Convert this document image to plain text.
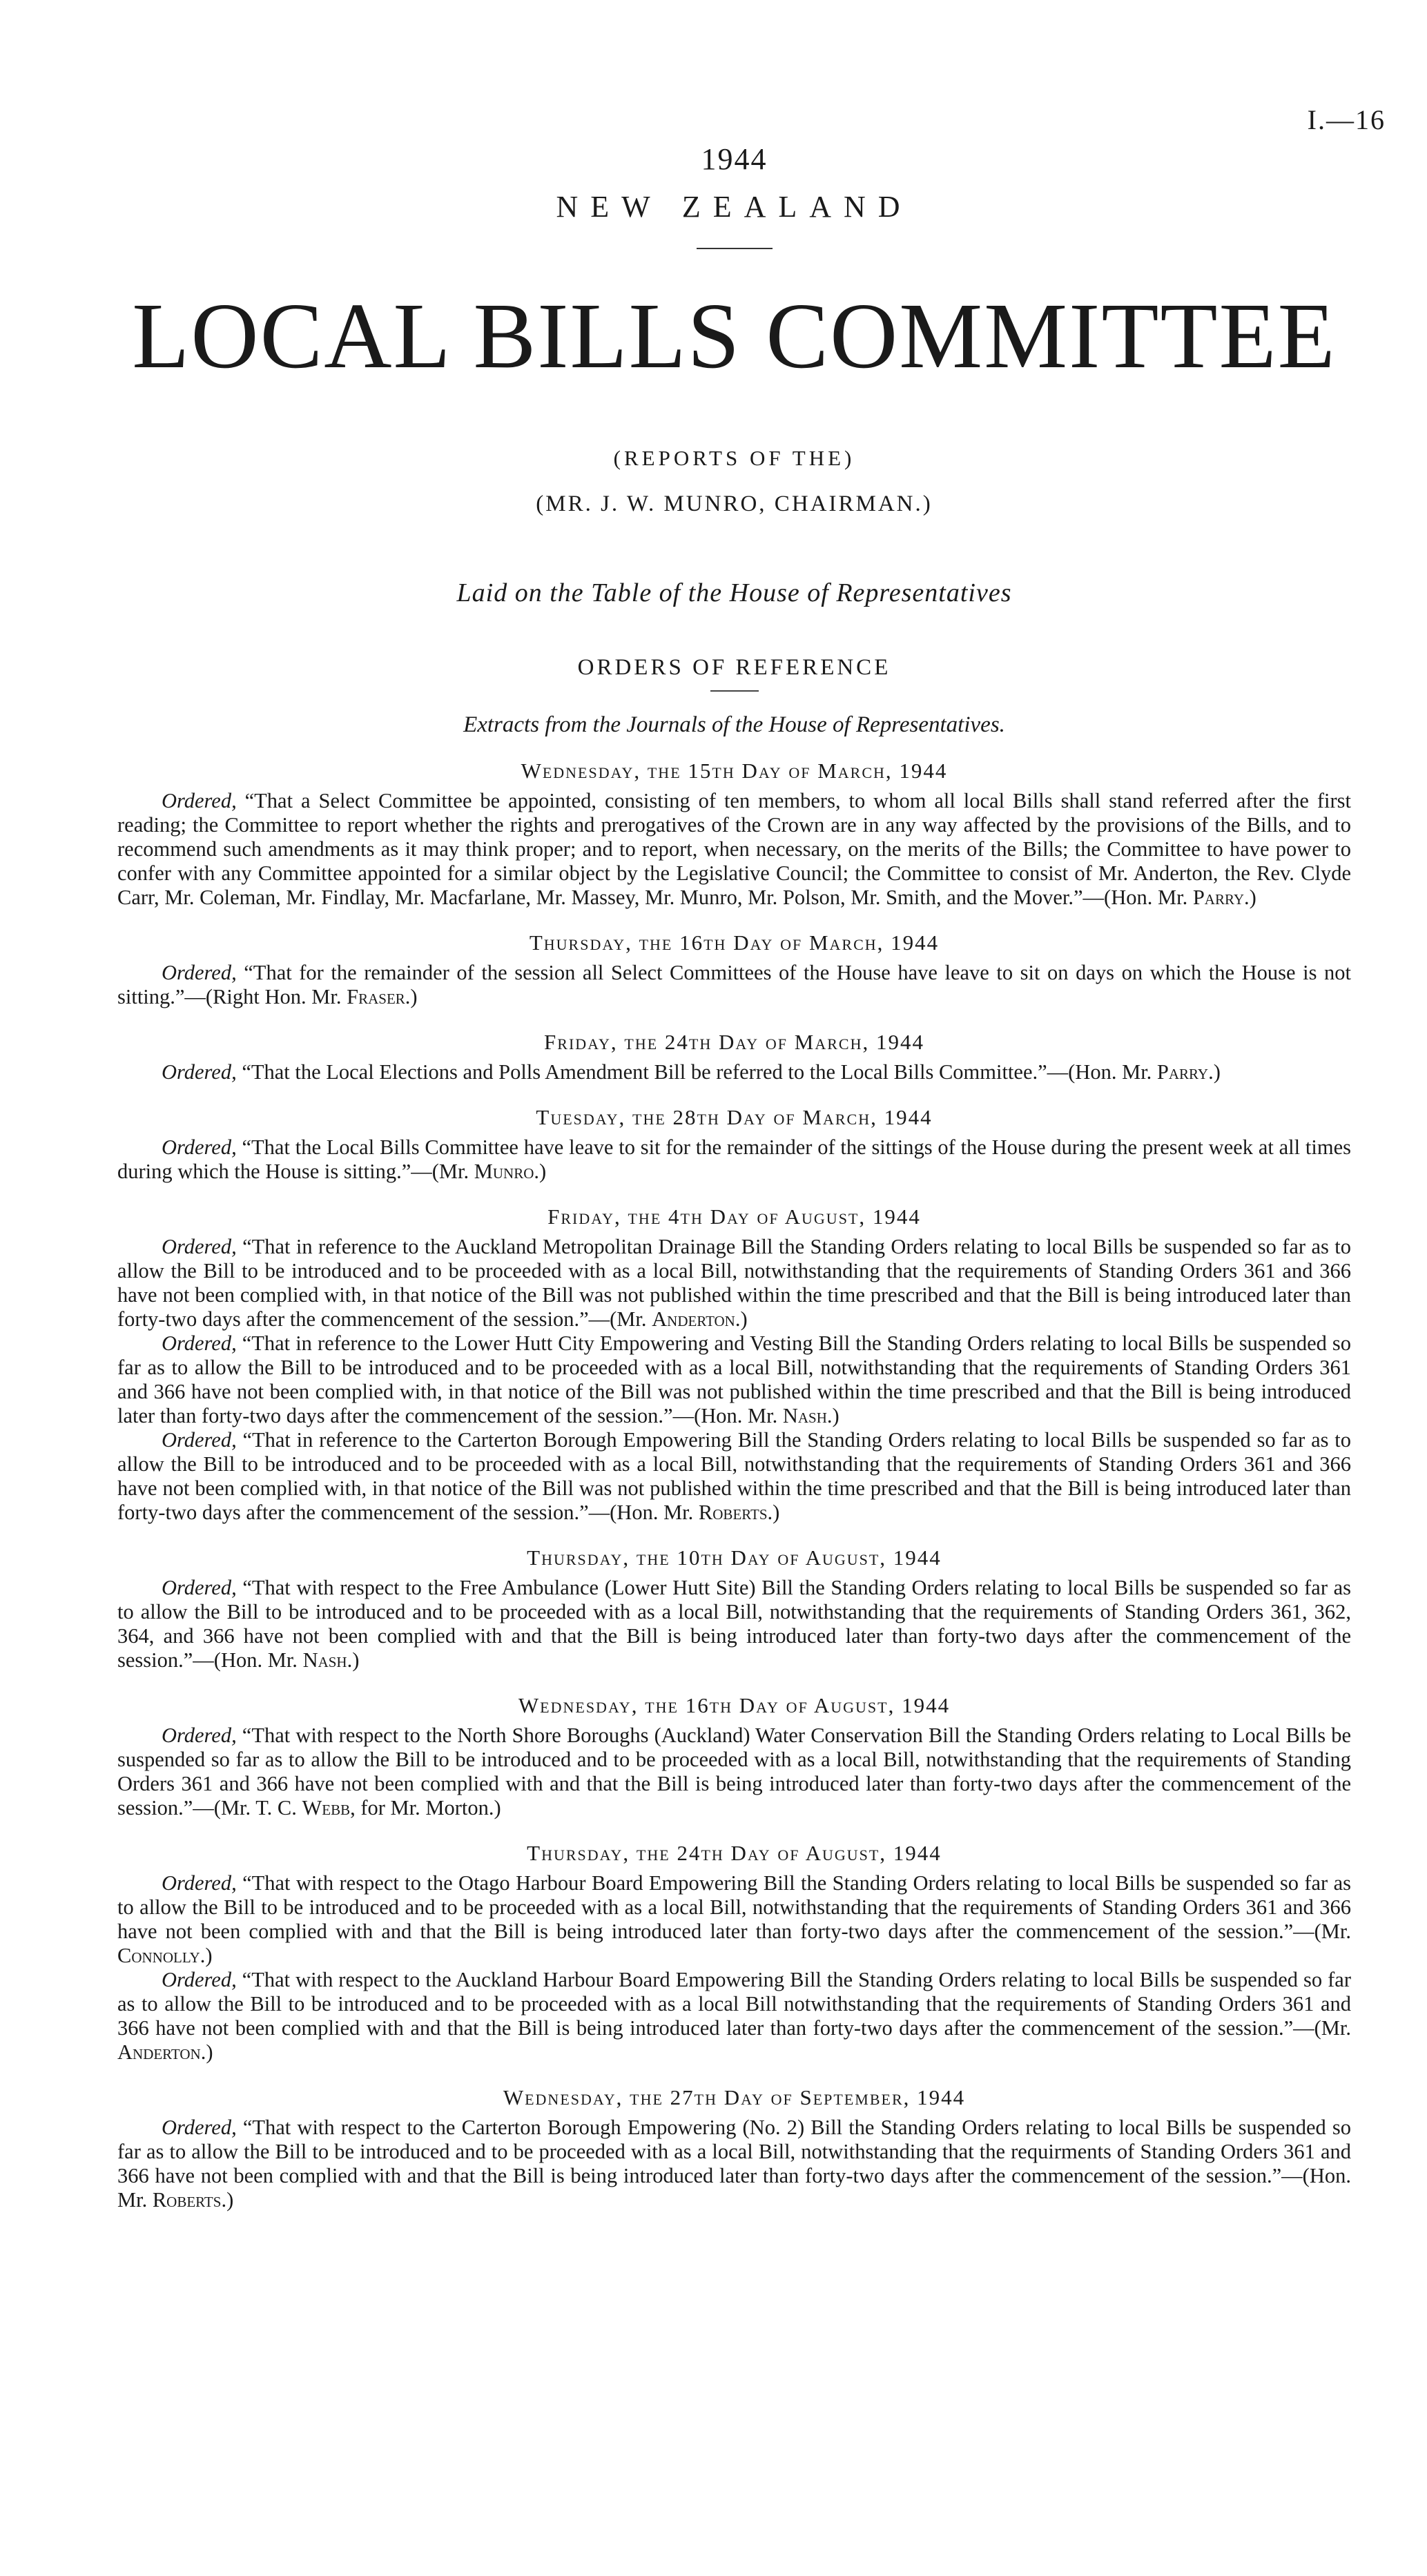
I.—16
1944
NEW ZEALAND
LOCAL BILLS COMMITTEE
(REPORTS OF THE)
(MR. J. W. MUNRO, CHAIRMAN.)
Laid on the Table of the House of Representatives
ORDERS OF REFERENCE
Extracts from the Journals of the House of Representatives.
Wednesday, the 15th Day of March, 1944

Ordered, “That a Select Committee be appointed, consisting of ten members, to whom all local Bills shall stand referred after the first reading; the Committee to report whether the rights and prerogatives of the Crown are in any way affected by the provisions of the Bills, and to recommend such amendments as it may think proper; and to report, when necessary, on the merits of the Bills; the Committee to have power to confer with any Committee appointed for a similar object by the Legislative Council; the Committee to consist of Mr. Anderton, the Rev. Clyde Carr, Mr. Coleman, Mr. Findlay, Mr. Macfarlane, Mr. Massey, Mr. Munro, Mr. Polson, Mr. Smith, and the Mover.”—(Hon. Mr. Parry.)

Thursday, the 16th Day of March, 1944

Ordered, “That for the remainder of the session all Select Committees of the House have leave to sit on days on which the House is not sitting.”—(Right Hon. Mr. Fraser.)

Friday, the 24th Day of March, 1944

Ordered, “That the Local Elections and Polls Amendment Bill be referred to the Local Bills Committee.”—(Hon. Mr. Parry.)

Tuesday, the 28th Day of March, 1944

Ordered, “That the Local Bills Committee have leave to sit for the remainder of the sittings of the House during the present week at all times during which the House is sitting.”—(Mr. Munro.)

Friday, the 4th Day of August, 1944

Ordered, “That in reference to the Auckland Metropolitan Drainage Bill the Standing Orders relating to local Bills be suspended so far as to allow the Bill to be introduced and to be proceeded with as a local Bill, notwithstanding that the requirements of Standing Orders 361 and 366 have not been complied with, in that notice of the Bill was not published within the time prescribed and that the Bill is being introduced later than forty-two days after the commencement of the session.”—(Mr. Anderton.)

Ordered, “That in reference to the Lower Hutt City Empowering and Vesting Bill the Standing Orders relating to local Bills be suspended so far as to allow the Bill to be introduced and to be proceeded with as a local Bill, notwithstanding that the requirements of Standing Orders 361 and 366 have not been complied with, in that notice of the Bill was not published within the time prescribed and that the Bill is being introduced later than forty-two days after the commencement of the session.”—(Hon. Mr. Nash.)

Ordered, “That in reference to the Carterton Borough Empowering Bill the Standing Orders relating to local Bills be suspended so far as to allow the Bill to be introduced and to be proceeded with as a local Bill, notwithstanding that the requirements of Standing Orders 361 and 366 have not been complied with, in that notice of the Bill was not published within the time prescribed and that the Bill is being introduced later than forty-two days after the commencement of the session.”—(Hon. Mr. Roberts.)

Thursday, the 10th Day of August, 1944

Ordered, “That with respect to the Free Ambulance (Lower Hutt Site) Bill the Standing Orders relating to local Bills be suspended so far as to allow the Bill to be introduced and to be proceeded with as a local Bill, notwithstanding that the requirements of Standing Orders 361, 362, 364, and 366 have not been complied with and that the Bill is being introduced later than forty-two days after the commencement of the session.”—(Hon. Mr. Nash.)

Wednesday, the 16th Day of August, 1944

Ordered, “That with respect to the North Shore Boroughs (Auckland) Water Conservation Bill the Standing Orders relating to Local Bills be suspended so far as to allow the Bill to be introduced and to be proceeded with as a local Bill, notwithstanding that the requirements of Standing Orders 361 and 366 have not been complied with and that the Bill is being introduced later than forty-two days after the commencement of the session.”—(Mr. T. C. Webb, for Mr. Morton.)

Thursday, the 24th Day of August, 1944

Ordered, “That with respect to the Otago Harbour Board Empowering Bill the Standing Orders relating to local Bills be suspended so far as to allow the Bill to be introduced and to be proceeded with as a local Bill, notwithstanding that the requirements of Standing Orders 361 and 366 have not been complied with and that the Bill is being introduced later than forty-two days after the commencement of the session.”—(Mr. Connolly.)

Ordered, “That with respect to the Auckland Harbour Board Empowering Bill the Standing Orders relating to local Bills be suspended so far as to allow the Bill to be introduced and to be proceeded with as a local Bill notwithstanding that the requirements of Standing Orders 361 and 366 have not been complied with and that the Bill is being introduced later than forty-two days after the commencement of the session.”—(Mr. Anderton.)

Wednesday, the 27th Day of September, 1944

Ordered, “That with respect to the Carterton Borough Empowering (No. 2) Bill the Standing Orders relating to local Bills be suspended so far as to allow the Bill to be introduced and to be proceeded with as a local Bill, notwithstanding that the requirments of Standing Orders 361 and 366 have not been complied with and that the Bill is being introduced later than forty-two days after the commencement of the session.”—(Hon. Mr. Roberts.)
